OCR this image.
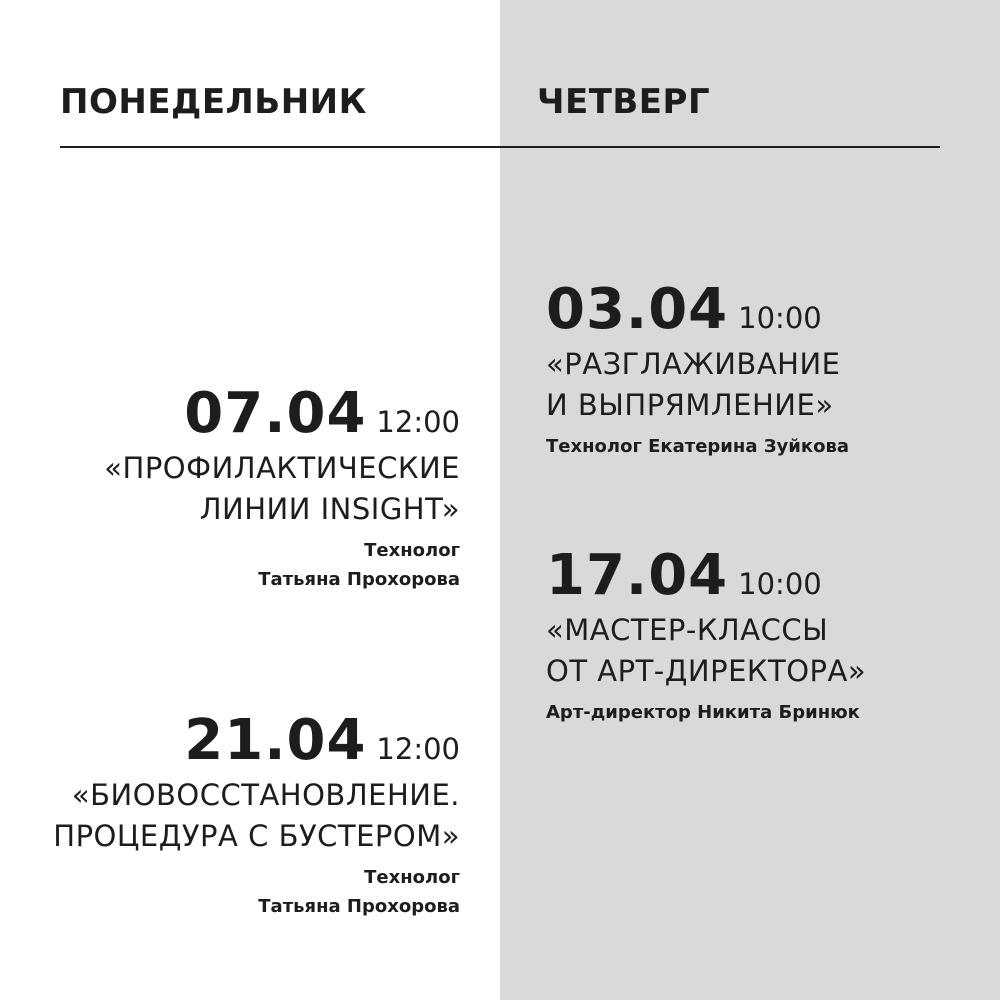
ПОНЕДЕЛЬНИК	ЧЕТВЕРГ
07.04 12:00
«ПРОФИЛАКТИЧЕСКИЕ
ЛИНИИ INSIGHT»
Технолог
Татьяна Прохорова
21.04 12:00
«БИОВОССТАНОВЛЕНИЕ.
ПРОЦЕДУРА С БУСТЕРОМ»
Технолог
Татьяна Прохорова
03.04 10:00
«РАЗГЛАЖИВАНИЕ
И ВЫПРЯМЛЕНИЕ»
Технолог Екатерина Зуйкова
17.04 10:00
«МАСТЕР-КЛАССЫ
ОТ АРТ-ДИРЕКТОРА»
Арт-директор Никита Бринюк
